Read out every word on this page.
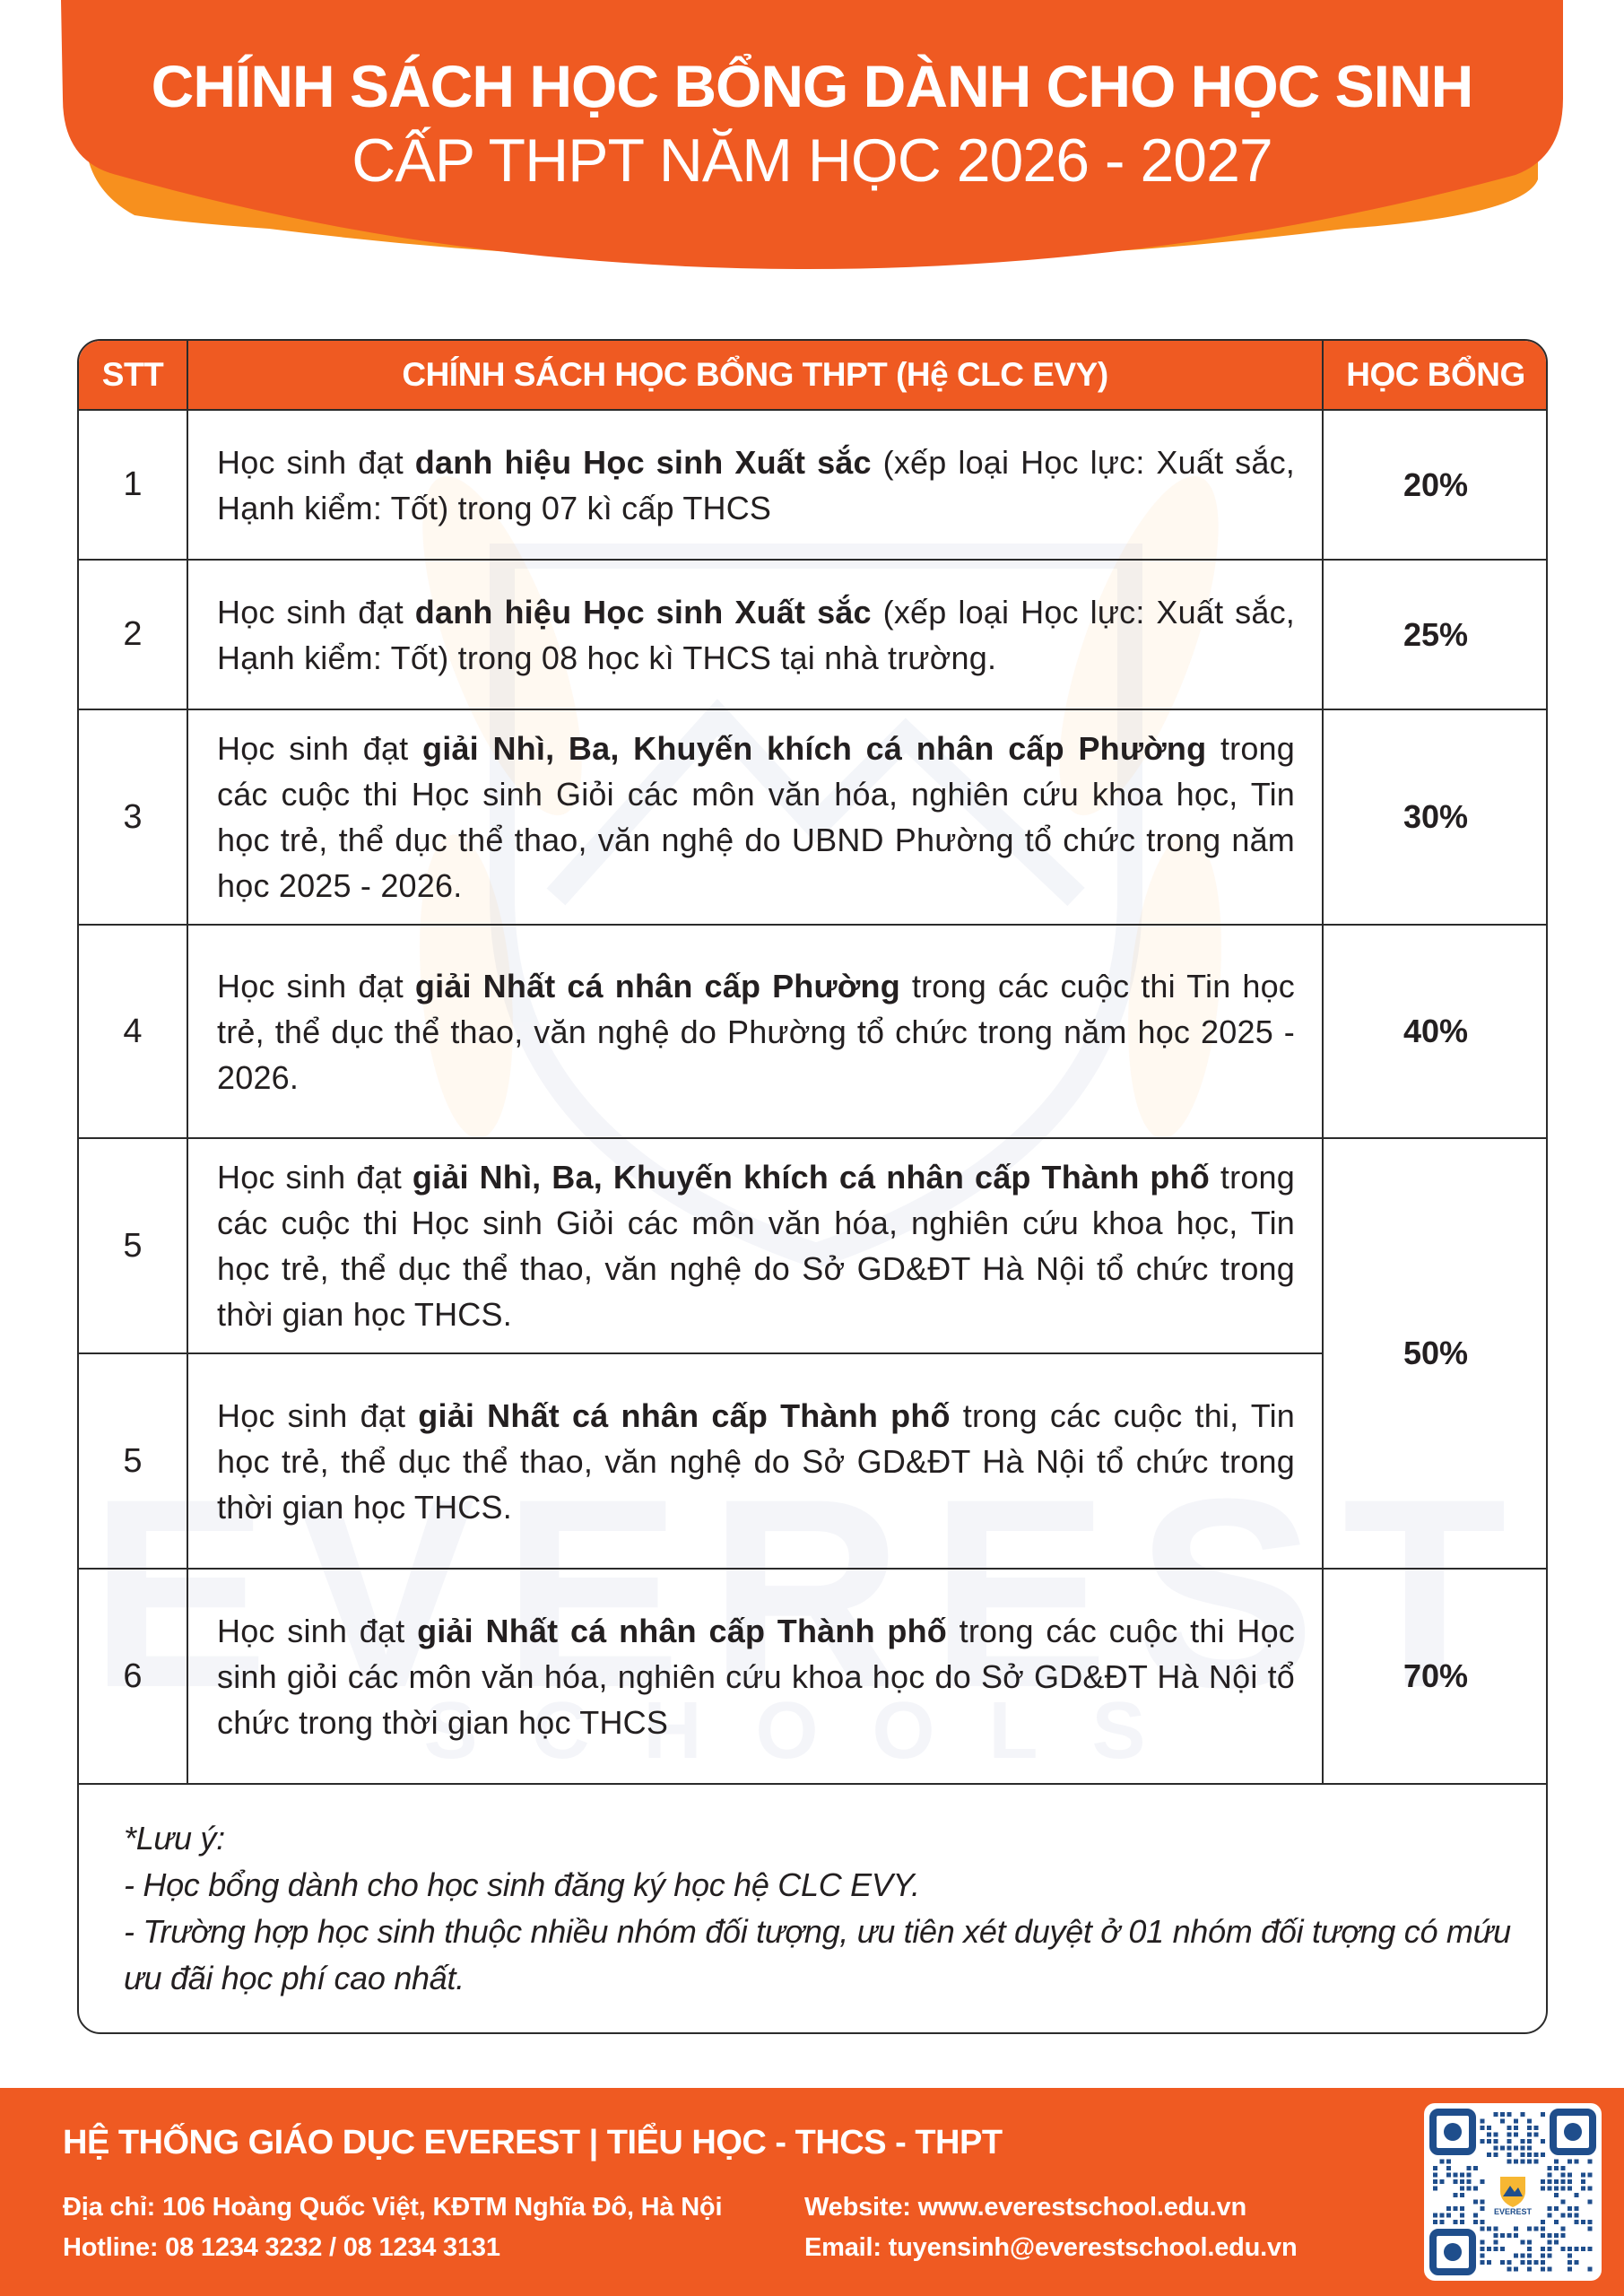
CHÍNH SÁCH HỌC BỔNG DÀNH CHO HỌC SINH
CẤP THPT NĂM HỌC 2026 - 2027
STT	CHÍNH SÁCH HỌC BỔNG THPT (Hệ CLC EVY)	HỌC BỔNG
1

Học sinh đạt danh hiệu Học sinh Xuất sắc (xếp loại Học lực: Xuất sắc, Hạnh kiểm: Tốt) trong 07 kì cấp THCS

20%
2

Học sinh đạt danh hiệu Học sinh Xuất sắc (xếp loại Học lực: Xuất sắc, Hạnh kiểm: Tốt) trong 08 học kì THCS tại nhà trường.

25%
3

Học sinh đạt giải Nhì, Ba, Khuyến khích cá nhân cấp Phường trong các cuộc thi Học sinh Giỏi các môn văn hóa, nghiên cứu khoa học, Tin học trẻ, thể dục thể thao, văn nghệ do UBND Phường tổ chức trong năm học 2025 - 2026.

30%
4

Học sinh đạt giải Nhất cá nhân cấp Phường trong các cuộc thi Tin học trẻ, thể dục thể thao, văn nghệ do Phường tổ chức trong năm học 2025 - 2026.

40%
5

Học sinh đạt giải Nhì, Ba, Khuyến khích cá nhân cấp Thành phố trong các cuộc thi Học sinh Giỏi các môn văn hóa, nghiên cứu khoa học, Tin học trẻ, thể dục thể thao, văn nghệ do Sở GD&ĐT Hà Nội tổ chức trong thời gian học THCS.

5

Học sinh đạt giải Nhất cá nhân cấp Thành phố trong các cuộc thi, Tin học trẻ, thể dục thể thao, văn nghệ do Sở GD&ĐT Hà Nội tổ chức trong thời gian học THCS.

50%
6

Học sinh đạt giải Nhất cá nhân cấp Thành phố trong các cuộc thi Học sinh giỏi các môn văn hóa, nghiên cứu khoa học do Sở GD&ĐT Hà Nội tổ chức trong thời gian học THCS

70%

*Lưu ý:

- Học bổng dành cho học sinh đăng ký học hệ CLC EVY.

- Trường hợp học sinh thuộc nhiều nhóm đối tượng, ưu tiên xét duyệt ở 01 nhóm đối tượng có mứu ưu đãi học phí cao nhất.

HỆ THỐNG GIÁO DỤC EVEREST | TIỂU HỌC - THCS - THPT
Địa chỉ: 106 Hoàng Quốc Việt, KĐTM Nghĩa Đô, Hà Nội
Hotline: 08 1234 3232 / 08 1234 3131
Website: www.everestschool.edu.vn
Email: tuyensinh@everestschool.edu.vn
EVEREST
